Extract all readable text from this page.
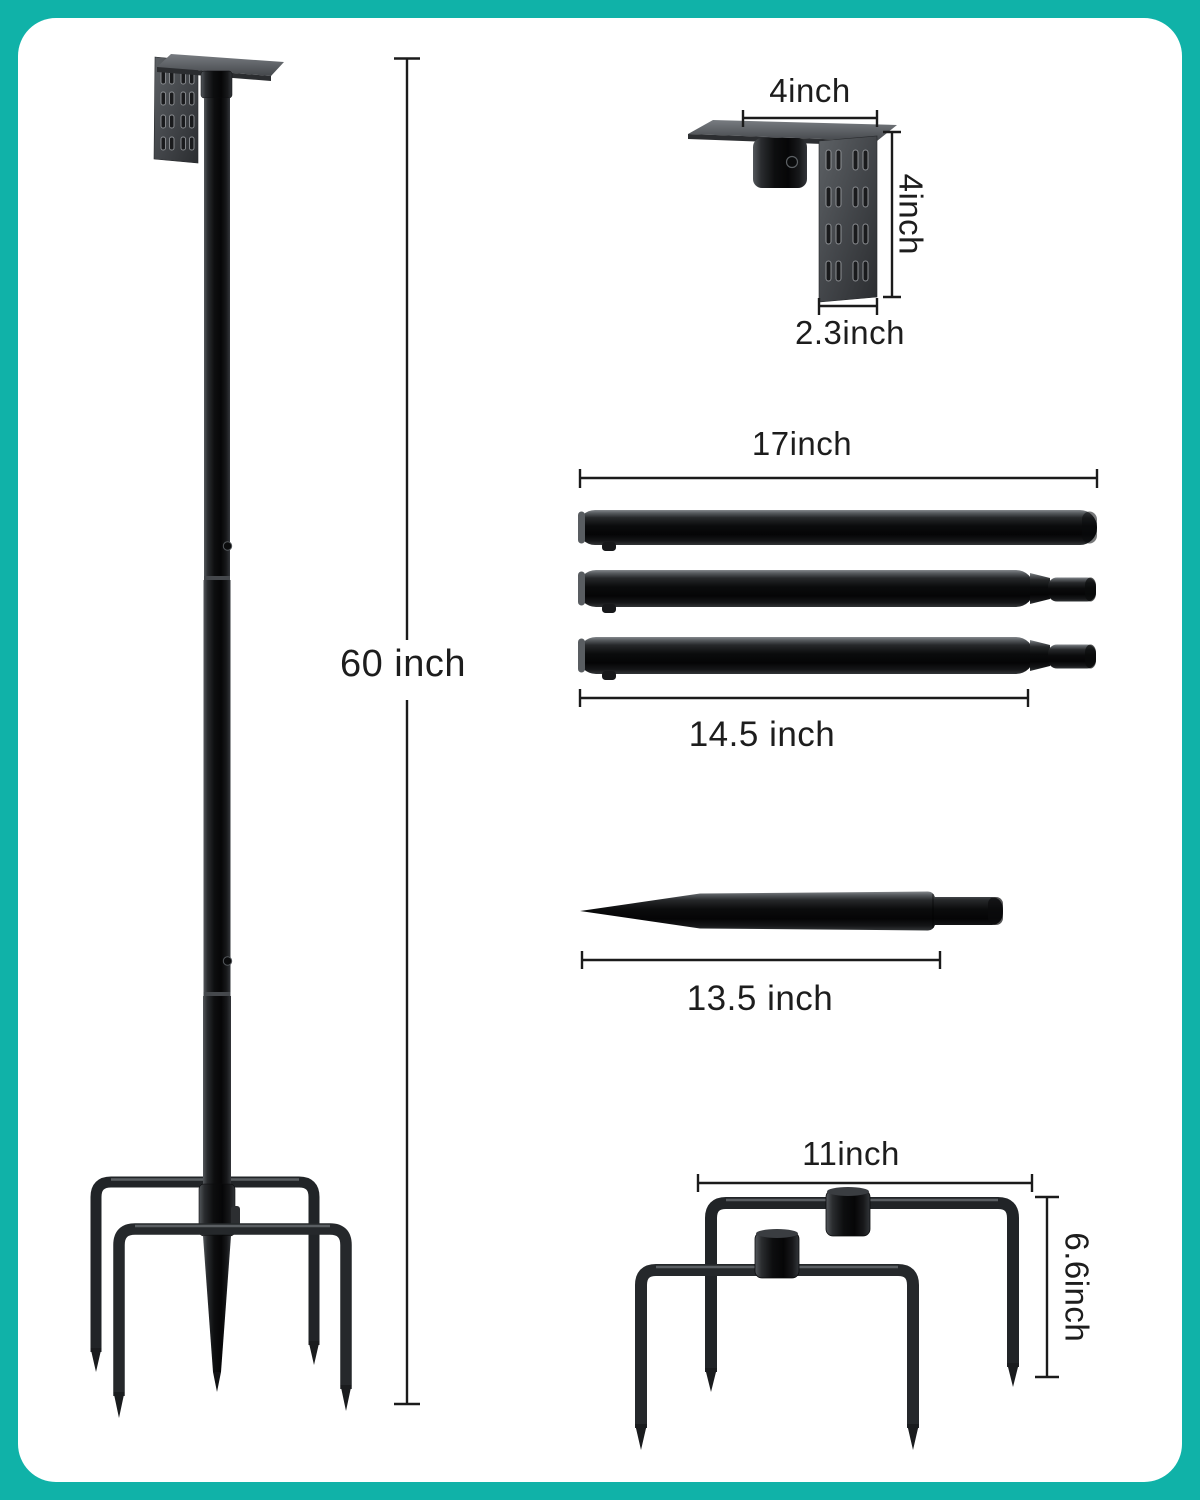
60 inch
4inch
4inch
2.3inch
17inch
14.5 inch
13.5 inch
11inch
6.6inch
